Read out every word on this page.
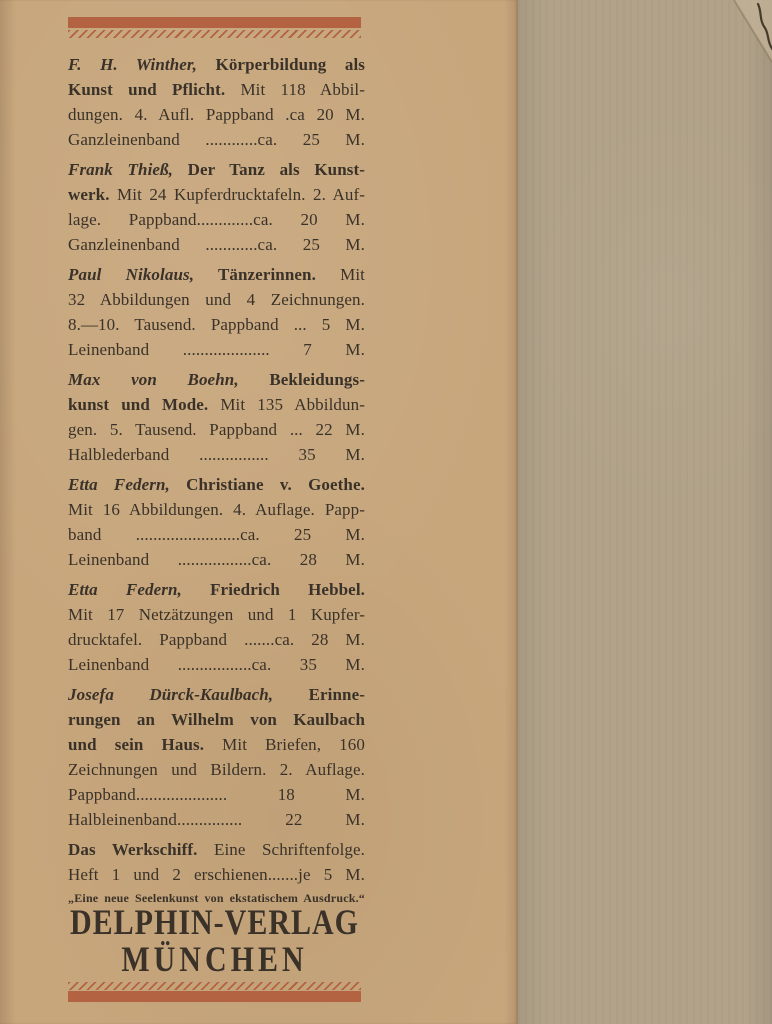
F. H. Winther, Körperbildung als
Kunst und Pflicht. Mit 118 Abbil-
dungen. 4. Aufl. Pappband .ca 20 M.
Ganzleinenband ............ca. 25 M.
Frank Thieß, Der Tanz als Kunst-
werk. Mit 24 Kupferdrucktafeln. 2. Auf-
lage. Pappband.............ca. 20 M.
Ganzleinenband ............ca. 25 M.
Paul Nikolaus, Tänzerinnen. Mit
32 Abbildungen und 4 Zeichnungen.
8.—10. Tausend. Pappband ... 5 M.
Leinenband .................... 7 M.
Max von Boehn, Bekleidungs-
kunst und Mode. Mit 135 Abbildun-
gen. 5. Tausend. Pappband ... 22 M.
Halblederband ................ 35 M.
Etta Federn, Christiane v. Goethe.
Mit 16 Abbildungen. 4. Auflage. Papp-
band ........................ca. 25 M.
Leinenband .................ca. 28 M.
Etta Federn, Friedrich Hebbel.
Mit 17 Netzätzungen und 1 Kupfer-
drucktafel. Pappband .......ca. 28 M.
Leinenband .................ca. 35 M.
Josefa Dürck-Kaulbach, Erinne-
rungen an Wilhelm von Kaulbach
und sein Haus. Mit Briefen, 160
Zeichnungen und Bildern. 2. Auflage.
Pappband..................... 18 M.
Halbleinenband............... 22 M.
Das Werkschiff. Eine Schriftenfolge.
Heft 1 und 2 erschienen.......je 5 M.
„Eine neue Seelenkunst von ekstatischem Ausdruck.“
DELPHIN-VERLAG
MÜNCHEN
